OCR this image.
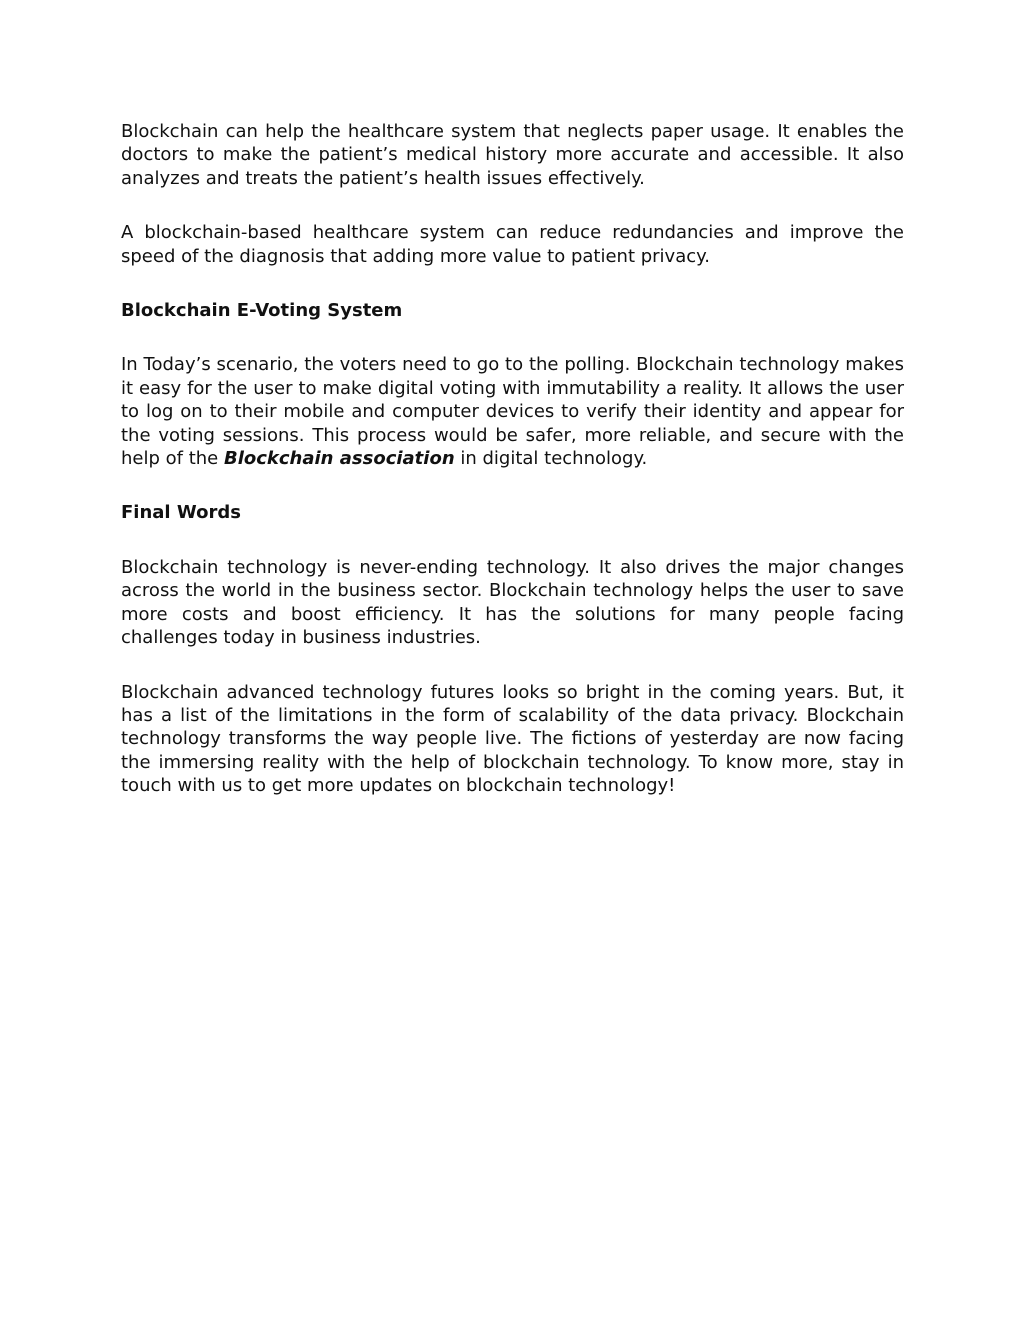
Blockchain can help the healthcare system that neglects paper usage. It enables the doctors to make the patient’s medical history more accurate and accessible. It also analyzes and treats the patient’s health issues effectively.

A blockchain-based healthcare system can reduce redundancies and improve the speed of the diagnosis that adding more value to patient privacy.

Blockchain E-Voting System

In Today’s scenario, the voters need to go to the polling. Blockchain technology makes it easy for the user to make digital voting with immutability a reality. It allows the user to log on to their mobile and computer devices to verify their identity and appear for the voting sessions. This process would be safer, more reliable, and secure with the help of the Blockchain association in digital technology.

Final Words

Blockchain technology is never-ending technology. It also drives the major changes across the world in the business sector. Blockchain technology helps the user to save more costs and boost efficiency. It has the solutions for many people facing challenges today in business industries.

Blockchain advanced technology futures looks so bright in the coming years. But, it has a list of the limitations in the form of scalability of the data privacy. Blockchain technology transforms the way people live. The fictions of yesterday are now facing the immersing reality with the help of blockchain technology. To know more, stay in touch with us to get more updates on blockchain technology!
